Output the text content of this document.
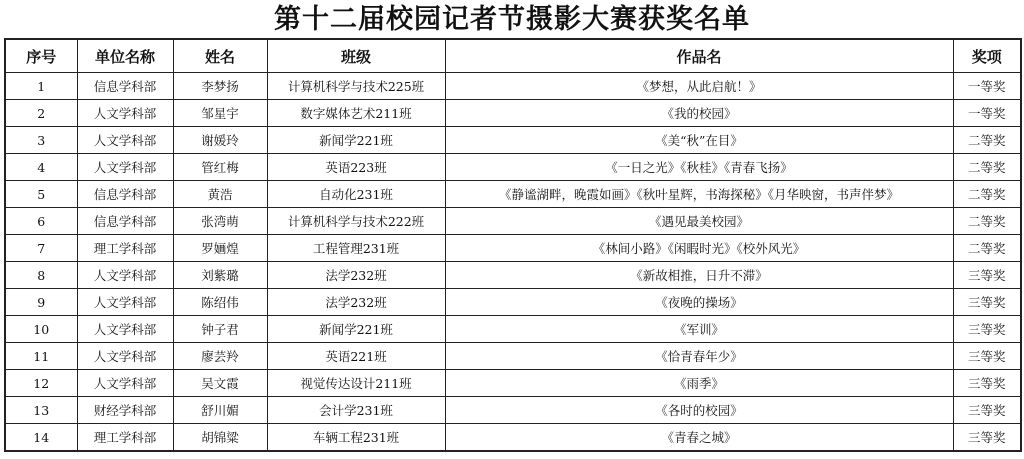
第十二届校园记者节摄影大赛获奖名单
序号	单位名称	姓名	班级	作品名	奖项
1	信息学科部	李梦扬	计算机科学与技术225班	《梦想，从此启航！》	一等奖
2	人文学科部	邹星宇	数字媒体艺术211班	《我的校园》	一等奖
3	人文学科部	谢媛玲	新闻学221班	《美“秋”在目》	二等奖
4	人文学科部	管红梅	英语223班	《一日之光》《秋桂》《青春飞扬》	二等奖
5	信息学科部	黄浩	自动化231班	《静谧湖畔，晚霞如画》《秋叶星辉，书海探秘》《月华映窗，书声伴梦》	二等奖
6	信息学科部	张湾萌	计算机科学与技术222班	《遇见最美校园》	二等奖
7	理工学科部	罗婳煌	工程管理231班	《林间小路》《闲暇时光》《校外风光》	二等奖
8	人文学科部	刘紫璐	法学232班	《新故相推，日升不滞》	三等奖
9	人文学科部	陈绍伟	法学232班	《夜晚的操场》	三等奖
10	人文学科部	钟子君	新闻学221班	《军训》	三等奖
11	人文学科部	廖芸羚	英语221班	《恰青春年少》	三等奖
12	人文学科部	吴文霞	视觉传达设计211班	《雨季》	三等奖
13	财经学科部	舒川媚	会计学231班	《各时的校园》	三等奖
14	理工学科部	胡锦粱	车辆工程231班	《青春之城》	三等奖
